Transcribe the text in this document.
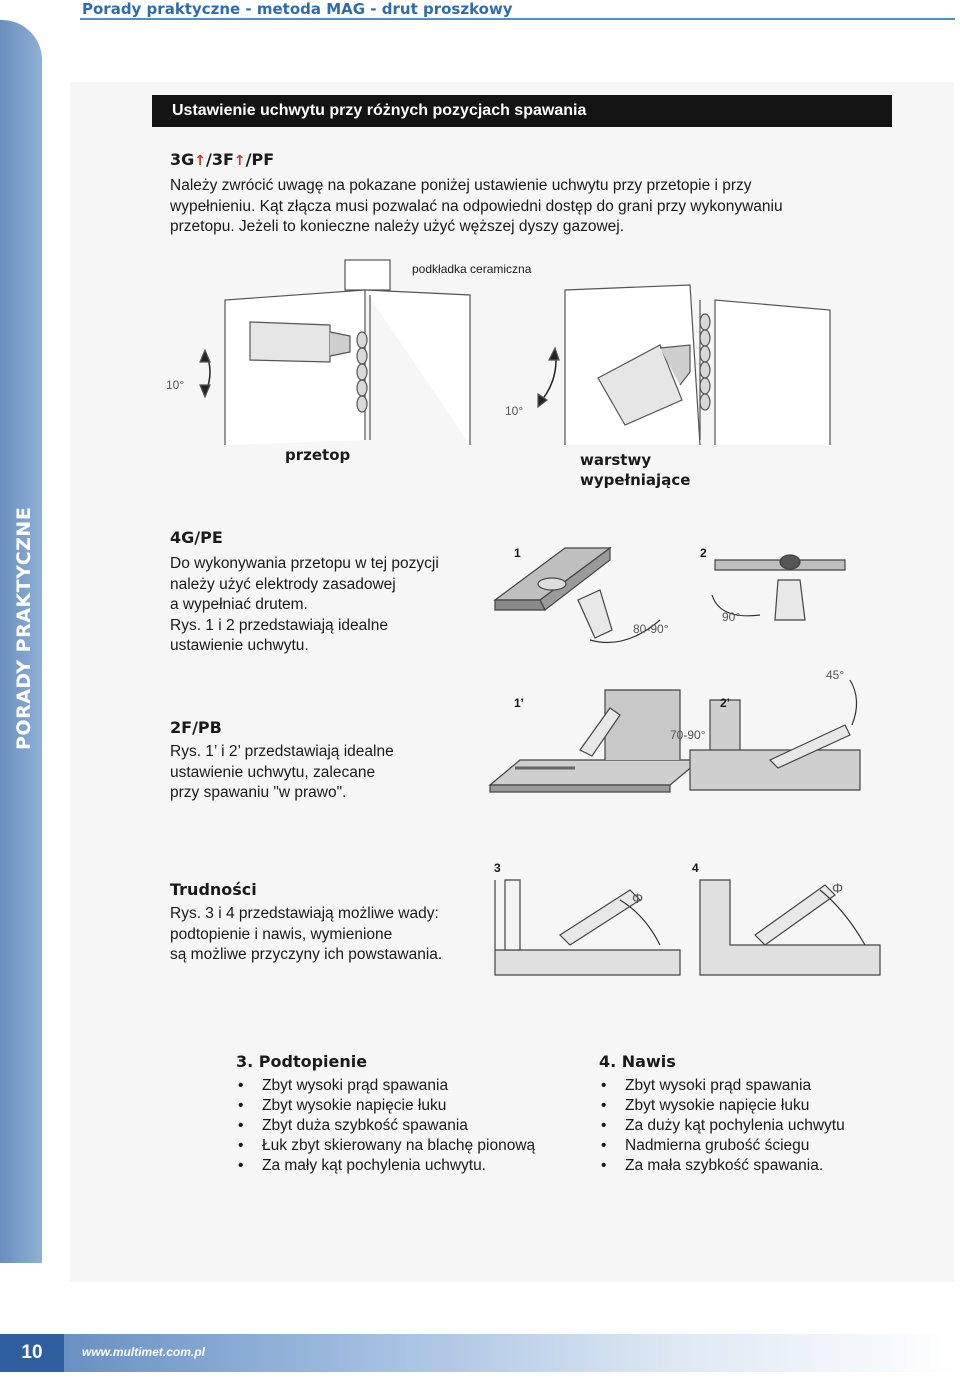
PORADY PRAKTYCZNE
Porady praktyczne - metoda MAG - drut proszkowy
Ustawienie uchwytu przy różnych pozycjach spawania
3G↑/3F↑/PF
Należy zwrócić uwagę na pokazane poniżej ustawienie uchwytu przy przetopie i przy
wypełnieniu. Kąt złącza musi pozwalać na odpowiedni dostęp do grani przy wykonywaniu
przetopu. Jeżeli to konieczne należy użyć węższej dyszy gazowej.
podkładka ceramiczna
10°
10°
przetop	warstwy
wypełniające
4G/PE
Do wykonywania przetopu w tej pozycji
należy użyć elektrody zasadowej
a wypełniać drutem.
Rys. 1 i 2 przedstawiają idealne
ustawienie uchwytu.
2F/PB
Rys. 1’ i 2’ przedstawiają idealne
ustawienie uchwytu, zalecane
przy spawaniu "w prawo".
1	2
80-90°
90°
1’	2’
70-90°
45°
Trudności
Rys. 3 i 4 przedstawiają możliwe wady:
podtopienie i nawis, wymienione
są możliwe przyczyny ich powstawania.
3	4
Φ
Φ
3. Podtopienie
• Zbyt wysoki prąd spawania
• Zbyt wysokie napięcie łuku
• Zbyt duża szybkość spawania
• Łuk zbyt skierowany na blachę pionową
• Za mały kąt pochylenia uchwytu.
4. Nawis
• Zbyt wysoki prąd spawania
• Zbyt wysokie napięcie łuku
• Za duży kąt pochylenia uchwytu
• Nadmierna grubość ściegu
• Za mała szybkość spawania.
10	www.multimet.com.pl
